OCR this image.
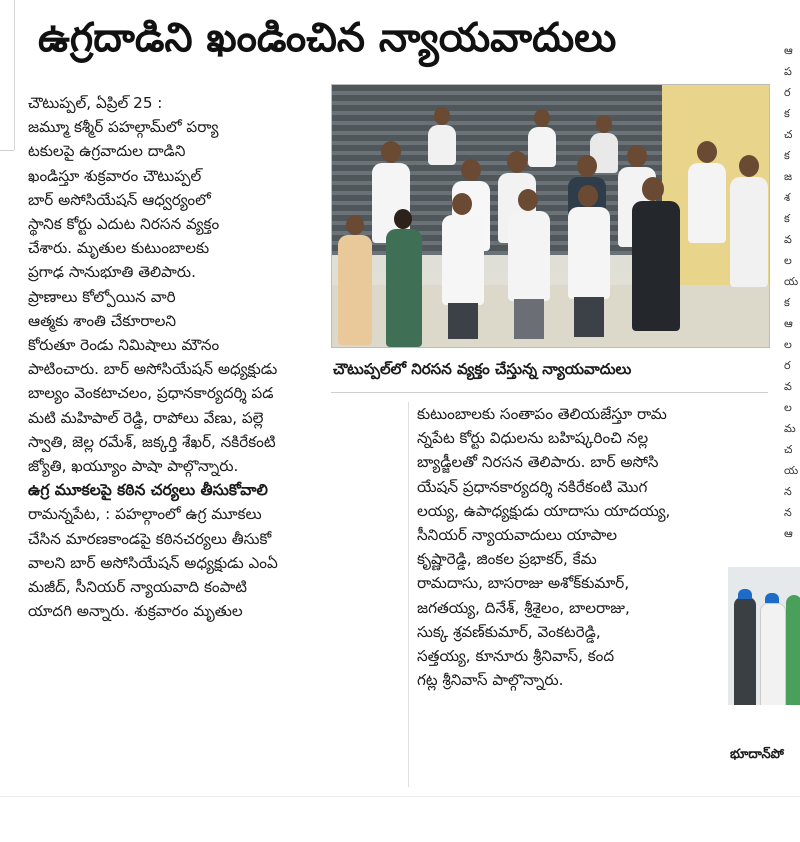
ఉగ్రదాడిని ఖండించిన న్యాయవాదులు

చౌటుప్పల్, ఏప్రిల్ 25 :

జమ్మూ కశ్మీర్ పహల్గామ్‌లో పర్యా

టకులపై ఉగ్రవాదుల దాడిని

ఖండిస్తూ శుక్రవారం చౌటుప్పల్

బార్ అసోసియేషన్ ఆధ్వర్యంలో

స్థానిక కోర్టు ఎదుట నిరసన వ్యక్తం

చేశారు. మృతుల కుటుంబాలకు

ప్రగాఢ సానుభూతి తెలిపారు.

ప్రాణాలు కోల్పోయిన వారి

ఆత్మకు శాంతి చేకూరాలని

కోరుతూ రెండు నిమిషాలు మౌనం

పాటించారు. బార్ అసోసియేషన్ అధ్యక్షుడు

బాల్యం వెంకటాచలం, ప్రధానకార్యదర్శి పడ

మటి మహిపాల్ రెడ్డి, రాపోలు వేణు, పల్లె

స్వాతి, జెల్ల రమేశ్, జక్కర్తి శేఖర్, నకిరేకంటి

జ్యోతి, ఖయ్యూం పాషా పాల్గొన్నారు.

ఉగ్ర మూకలపై కఠిన చర్యలు తీసుకోవాలి

రామన్నపేట, : పహల్గాంలో ఉగ్ర మూకలు

చేసిన మారణకాండపై కఠినచర్యలు తీసుకో

వాలని బార్ అసోసియేషన్ అధ్యక్షుడు ఎంఏ

మజీద్, సీనియర్ న్యాయవాది కంపాటి

యాదగి అన్నారు. శుక్రవారం మృతుల

చౌటుప్పల్‌లో నిరసన వ్యక్తం చేస్తున్న న్యాయవాదులు

కుటుంబాలకు సంతాపం తెలియజేస్తూ రామ

న్నపేట కోర్టు విధులను బహిష్కరించి నల్ల

బ్యాడ్జీలతో నిరసన తెలిపారు. బార్ అసోసి

యేషన్ ప్రధానకార్యదర్శి నకిరేకంటి మొగ

లయ్య, ఉపాధ్యక్షుడు యాదాసు యాదయ్య,

సీనియర్ న్యాయవాదులు యాపాల

కృష్ణారెడ్డి, జింకల ప్రభాకర్, కేమ

రామదాసు, బాసరాజు అశోక్‌కుమార్,

జగతయ్య, దినేశ్, శ్రీశైలం, బాలరాజు,

సుక్క శ్రవణ్‌కుమార్, వెంకటరెడ్డి,

సత్తయ్య, కూనూరు శ్రీనివాస్, కంద

గట్ల శ్రీనివాస్ పాల్గొన్నారు.

భూదాన్‌పో
ఆ
ప
ర
క
చ
క
జ
శ
క
వ
ల
య
క
ఆ
ల
ర
వ
ల
మ
చ
య
న
న
ఆ
